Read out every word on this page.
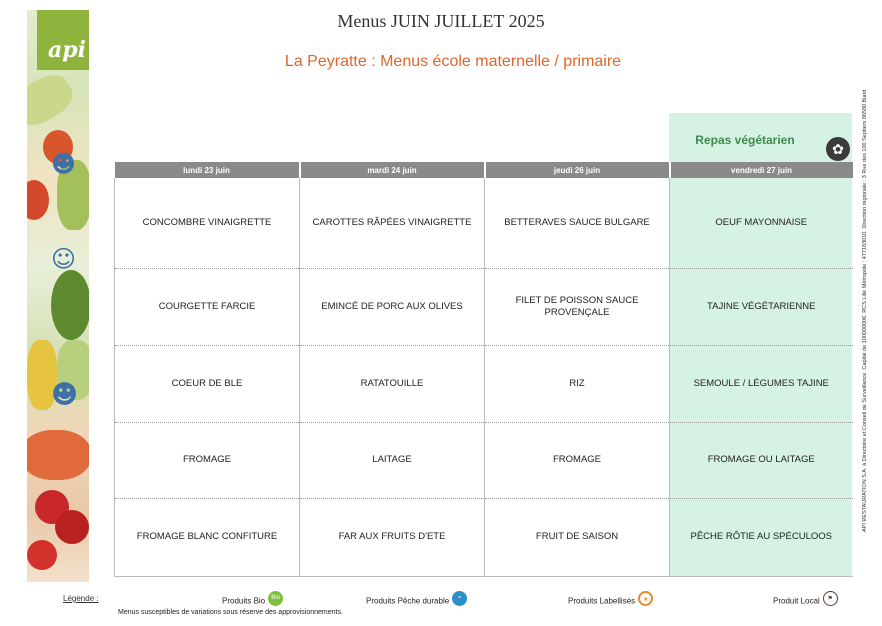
☻
☺
☻
api
Menus JUIN JUILLET 2025
La Peyratte : Menus école maternelle / primaire
Repas végétarien
✿
lundi 23 juin	mardi 24 juin	jeudi 26 juin	vendredi 27 juin
CONCOMBRE VINAIGRETTE	CAROTTES RÂPÉES VINAIGRETTE	BETTERAVES SAUCE BULGARE	OEUF MAYONNAISE
COURGETTE FARCIE	EMINCÉ DE PORC AUX OLIVES	FILET DE POISSON SAUCE PROVENÇALE	TAJINE VÉGÉTARIENNE
COEUR DE BLE	RATATOUILLE	RIZ	SEMOULE / LÉGUMES TAJINE
FROMAGE	LAITAGE	FROMAGE	FROMAGE OU LAITAGE
FROMAGE BLANC CONFITURE	FAR AUX FRUITS D'ETE	FRUIT DE SAISON	PÊCHE RÔTIE AU SPÉCULOOS
API RESTAURATION S.A. à Directoire et Conseil de Surveillance. Capital de 10000000€. RCS Lille Métropole : 477183010. Direction régionale : 3 Rue des 100 Septiers 86580 Biard
Légende :	Produits Bio Bio	Produits Pêche durable ≈	Produits Labellisés ★	Produit Local ⚑
Menus susceptibles de variations sous réserve des approvisionnements.
